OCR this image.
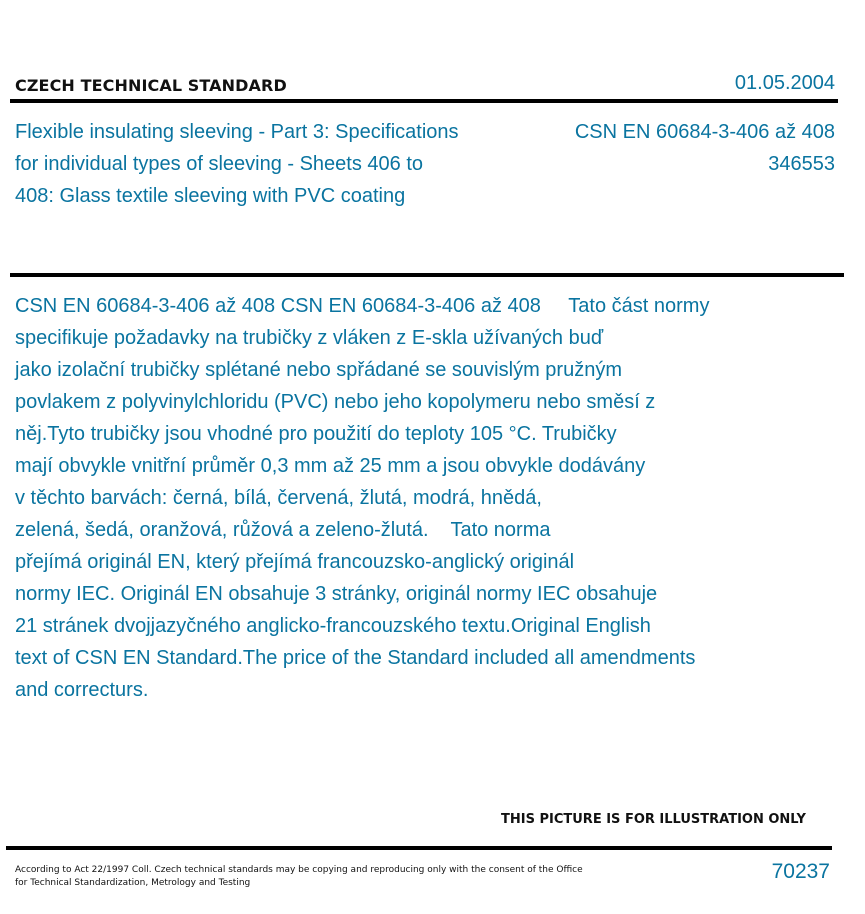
CZECH TECHNICAL STANDARD	01.05.2004
Flexible insulating sleeving - Part 3: Specifications
for individual types of sleeving - Sheets 406 to
408: Glass textile sleeving with PVC coating
CSN EN 60684-3-406 až 408
346553

CSN EN 60684-3-406 až 408 CSN EN 60684-3-406 až 408     Tato část normy

specifikuje požadavky na trubičky z vláken z E-skla užívaných buď

jako izolační trubičky splétané nebo spřádané se souvislým pružným

povlakem z polyvinylchloridu (PVC) nebo jeho kopolymeru nebo směsí z

něj.Tyto trubičky jsou vhodné pro použití do teploty 105 °C. Trubičky

mají obvykle vnitřní průměr 0,3 mm až 25 mm a jsou obvykle dodávány

v těchto barvách: černá, bílá, červená, žlutá, modrá, hnědá,

zelená, šedá, oranžová, růžová a zeleno-žlutá.    Tato norma

přejímá originál EN, který přejímá francouzsko-anglický originál

normy IEC. Originál EN obsahuje 3 stránky, originál normy IEC obsahuje

21 stránek dvojjazyčného anglicko-francouzského textu.Original English

text of CSN EN Standard.The price of the Standard included all amendments

and correcturs.

THIS PICTURE IS FOR ILLUSTRATION ONLY
According to Act 22/1997 Coll. Czech technical standards may be copying and reproducing only with the consent of the Office
for Technical Standardization, Metrology and Testing	70237
